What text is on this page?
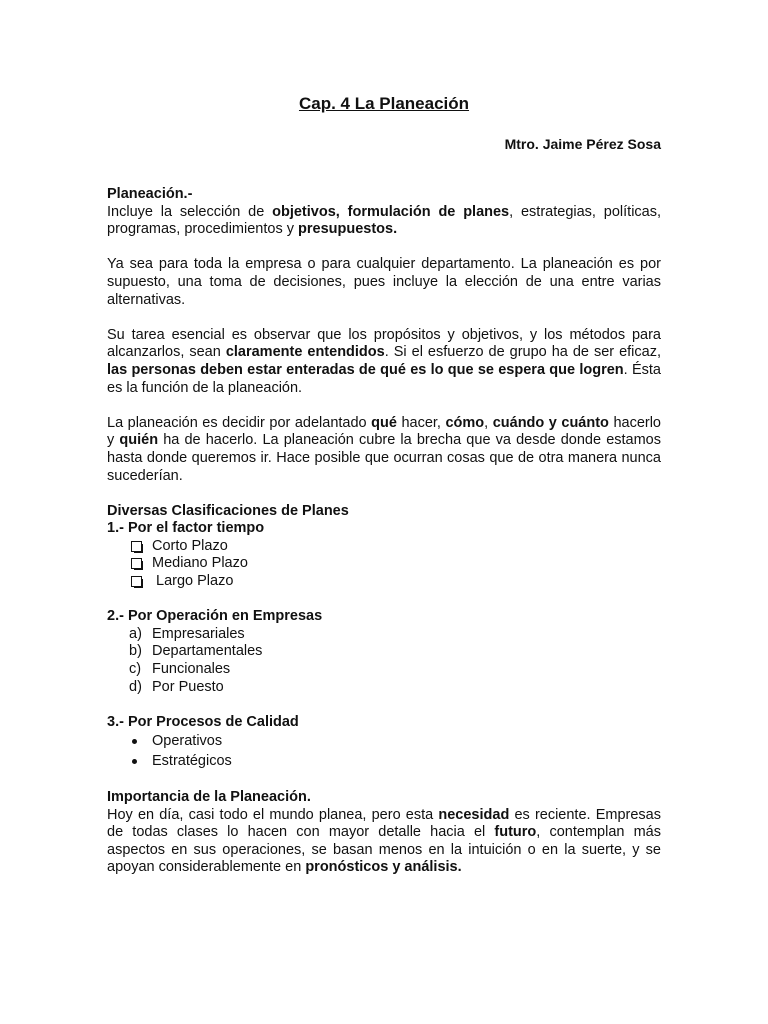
Cap. 4 La Planeación

Mtro. Jaime Pérez Sosa

Planeación.-

Incluye la selección de objetivos, formulación de planes, estrategias, políticas, programas, procedimientos y presupuestos.

Ya sea para toda la empresa o para cualquier departamento. La planeación es por supuesto, una toma de decisiones, pues incluye la elección de una entre varias alternativas.

Su tarea esencial es observar que los propósitos y objetivos, y los métodos para alcanzarlos, sean claramente entendidos. Si el esfuerzo de grupo ha de ser eficaz, las personas deben estar enteradas de qué es lo que se espera que logren. Ésta es la función de la planeación.

La planeación es decidir por adelantado qué hacer, cómo, cuándo y cuánto hacerlo y quién ha de hacerlo. La planeación cubre la brecha que va desde donde estamos hasta donde queremos ir. Hace posible que ocurran cosas que de otra manera nunca sucederían.

Diversas Clasificaciones de Planes

1.- Por el factor tiempo

Corto Plazo
Mediano Plazo
Largo Plazo

2.- Por Operación en Empresas

a) Empresariales
b) Departamentales
c) Funcionales
d) Por Puesto

3.- Por Procesos de Calidad

Operativos
Estratégicos

Importancia de la Planeación.

Hoy en día, casi todo el mundo planea, pero esta necesidad es reciente. Empresas de todas clases lo hacen con mayor detalle hacia el futuro, contemplan más aspectos en sus operaciones, se basan menos en la intuición o en la suerte, y se apoyan considerablemente en pronósticos y análisis.
